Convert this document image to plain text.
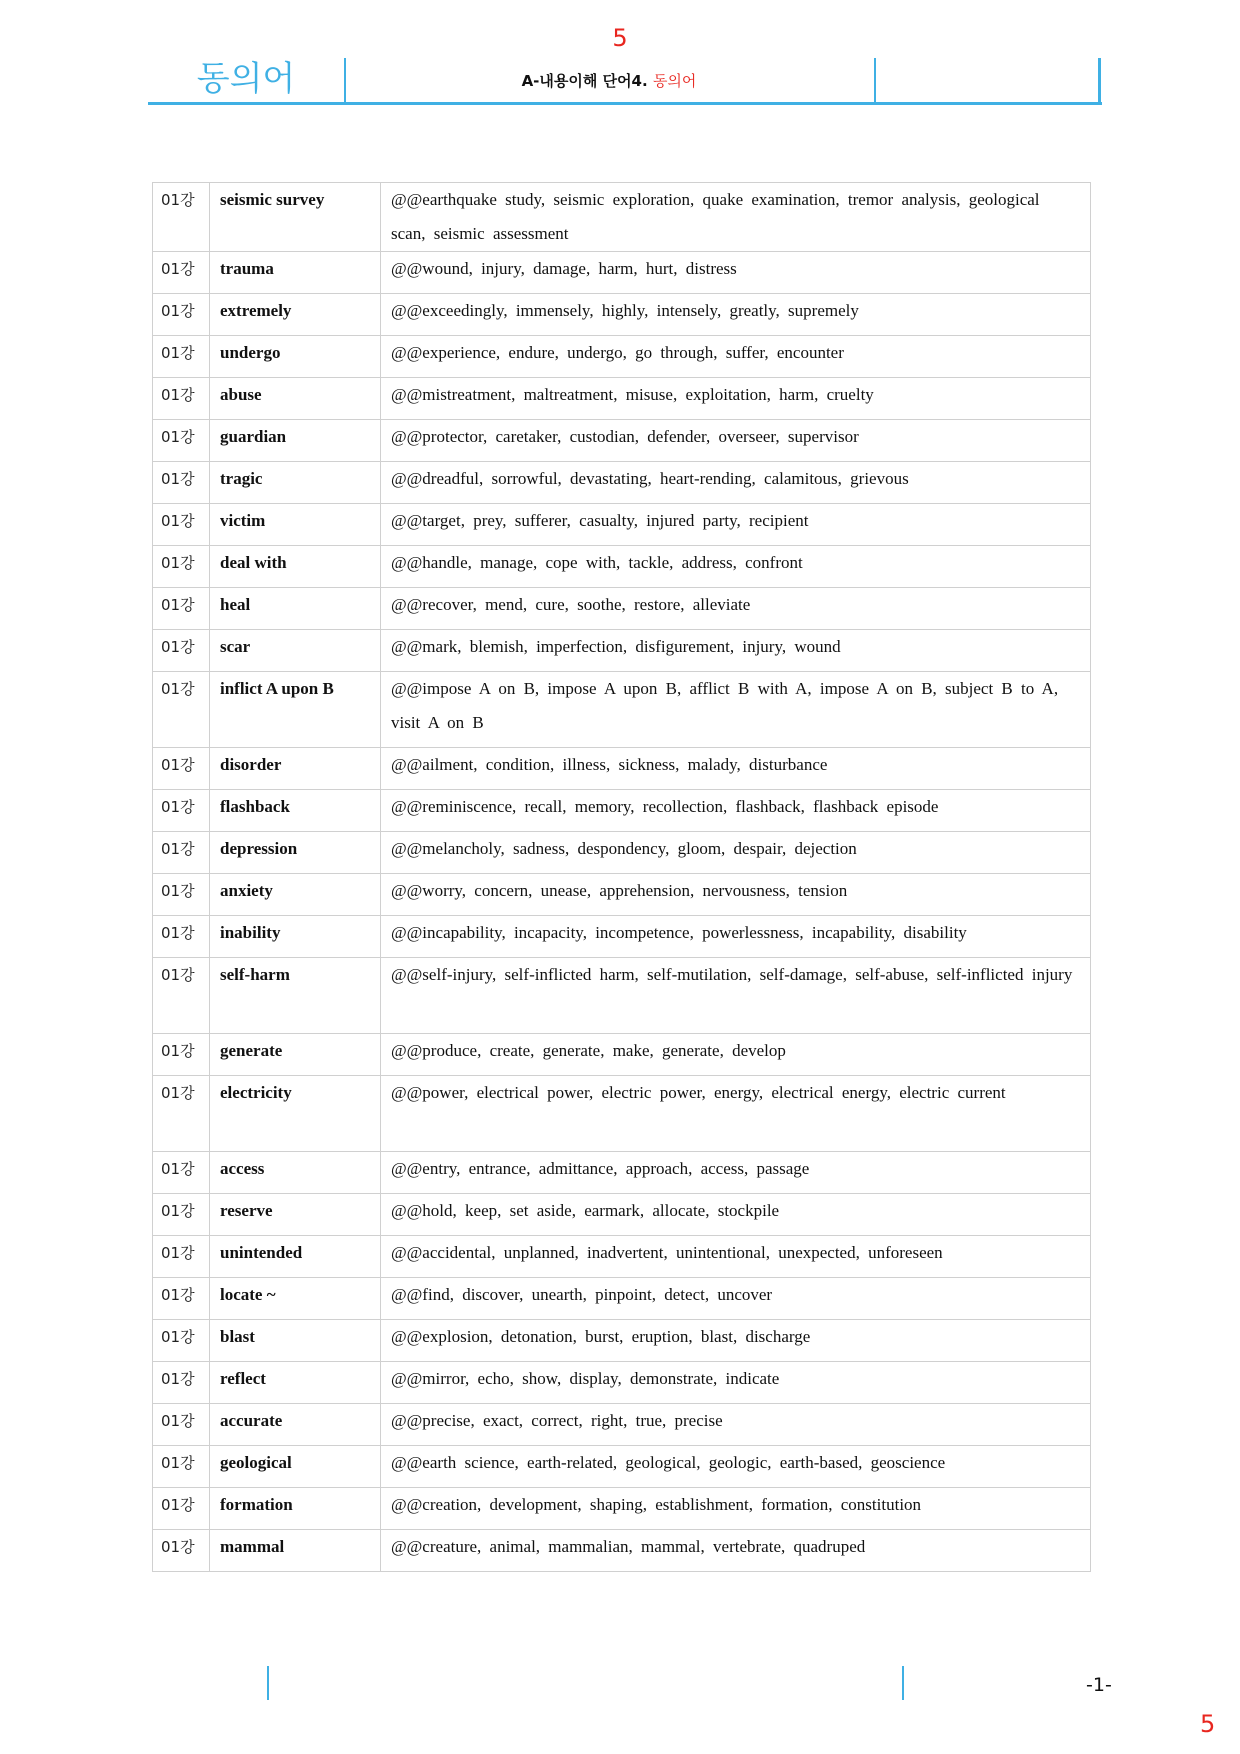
5
동의어	A-내용이해 단어4. 동의어
01강	seismic survey	@@earthquake study, seismic exploration, quake examination, tremor analysis, geological scan, seismic assessment
01강	trauma	@@wound, injury, damage, harm, hurt, distress
01강	extremely	@@exceedingly, immensely, highly, intensely, greatly, supremely
01강	undergo	@@experience, endure, undergo, go through, suffer, encounter
01강	abuse	@@mistreatment, maltreatment, misuse, exploitation, harm, cruelty
01강	guardian	@@protector, caretaker, custodian, defender, overseer, supervisor
01강	tragic	@@dreadful, sorrowful, devastating, heart-rending, calamitous, grievous
01강	victim	@@target, prey, sufferer, casualty, injured party, recipient
01강	deal with	@@handle, manage, cope with, tackle, address, confront
01강	heal	@@recover, mend, cure, soothe, restore, alleviate
01강	scar	@@mark, blemish, imperfection, disfigurement, injury, wound
01강	inflict A upon B	@@impose A on B, impose A upon B, afflict B with A, impose A on B, subject B to A, visit A on B
01강	disorder	@@ailment, condition, illness, sickness, malady, disturbance
01강	flashback	@@reminiscence, recall, memory, recollection, flashback, flashback episode
01강	depression	@@melancholy, sadness, despondency, gloom, despair, dejection
01강	anxiety	@@worry, concern, unease, apprehension, nervousness, tension
01강	inability	@@incapability, incapacity, incompetence, powerlessness, incapability, disability
01강	self-harm	@@self-injury, self-inflicted harm, self-mutilation, self-damage, self-abuse, self-inflicted injury
01강	generate	@@produce, create, generate, make, generate, develop
01강	electricity	@@power, electrical power, electric power, energy, electrical energy, electric current
01강	access	@@entry, entrance, admittance, approach, access, passage
01강	reserve	@@hold, keep, set aside, earmark, allocate, stockpile
01강	unintended	@@accidental, unplanned, inadvertent, unintentional, unexpected, unforeseen
01강	locate ~	@@find, discover, unearth, pinpoint, detect, uncover
01강	blast	@@explosion, detonation, burst, eruption, blast, discharge
01강	reflect	@@mirror, echo, show, display, demonstrate, indicate
01강	accurate	@@precise, exact, correct, right, true, precise
01강	geological	@@earth science, earth-related, geological, geologic, earth-based, geoscience
01강	formation	@@creation, development, shaping, establishment, formation, constitution
01강	mammal	@@creature, animal, mammalian, mammal, vertebrate, quadruped
-1-
5
